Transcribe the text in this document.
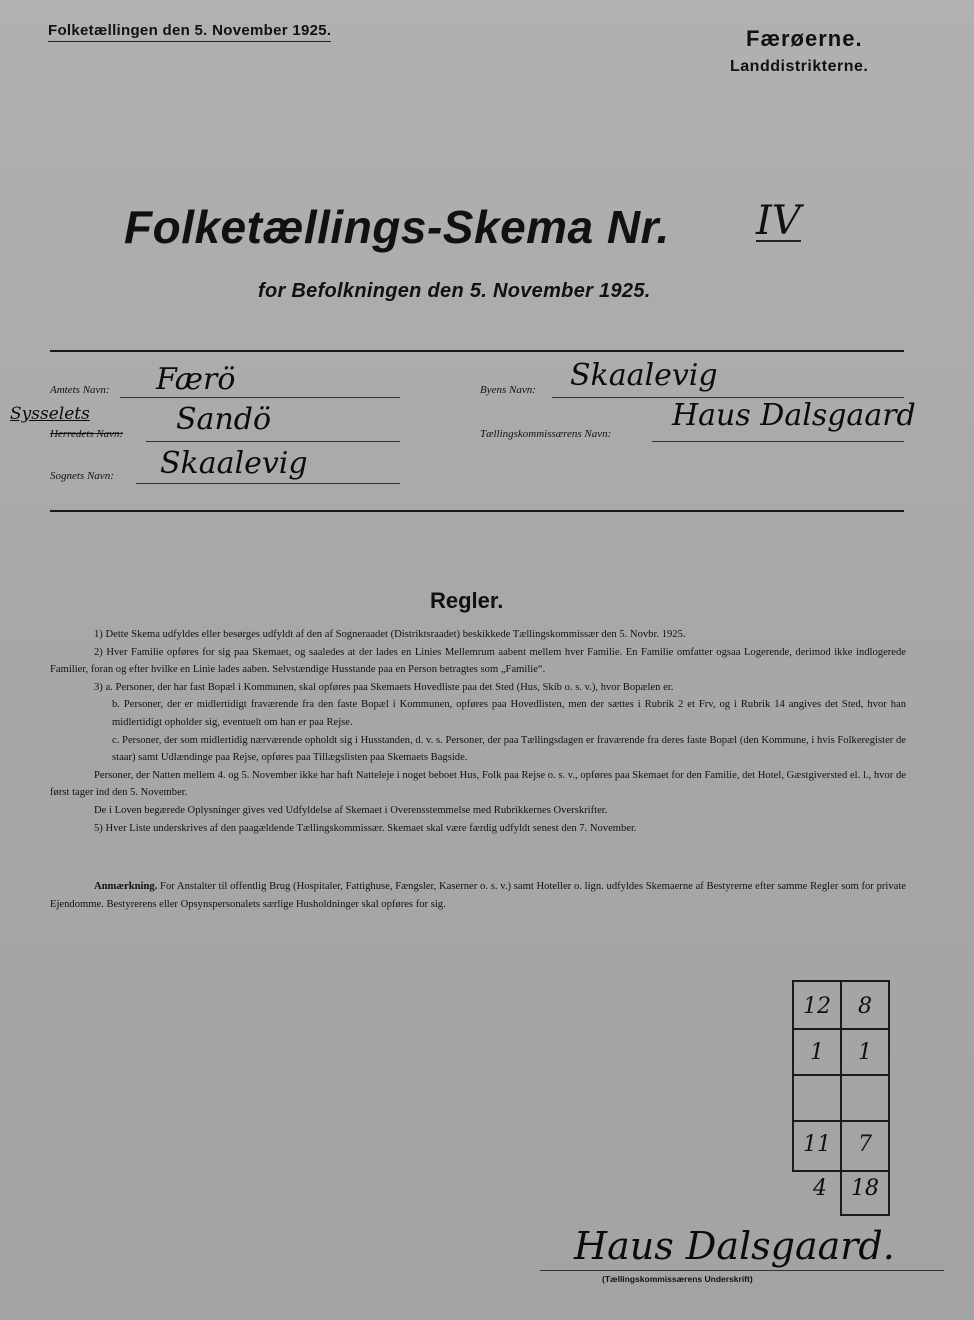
Folketællingen den 5. November 1925.	Færøerne.
Landdistrikterne.
Folketællings-Skema Nr. IV
for Befolkningen den 5. November 1925.
Amtets Navn: Færö
Sysselets
Herredets Navn: Sandö
Sognets Navn: Skaalevig
Byens Navn: Skaalevig
Tællingskommissærens Navn:
Haus Dalsgaard
Regler.

1) Dette Skema udfyldes eller besørges udfyldt af den af Sogneraadet (Distriktsraadet) beskikkede Tællingskommissær den 5. Novbr. 1925.

2) Hver Familie opføres for sig paa Skemaet, og saaledes at der lades en Linies Mellemrum aabent mellem hver Familie. En Familie omfatter ogsaa Logerende, derimod ikke indlogerede Familier, foran og efter hvilke en Linie lades aaben. Selvstændige Husstande paa en Person betragtes som „Familie“.

3) a. Personer, der har fast Bopæl i Kommunen, skal opføres paa Skemaets Hovedliste paa det Sted (Hus, Skib o. s. v.), hvor Bopælen er.

b. Personer, der er midlertidigt fraværende fra den faste Bopæl i Kommunen, opføres paa Hovedlisten, men der sættes i Rubrik 2 et Frv, og i Rubrik 14 angives det Sted, hvor han midlertidigt opholder sig, eventuelt om han er paa Rejse.

c. Personer, der som midlertidig nærværende opholdt sig i Husstanden, d. v. s. Personer, der paa Tællingsdagen er fraværende fra deres faste Bopæl (den Kommune, i hvis Folkeregister de staar) samt Udlændinge paa Rejse, opføres paa Tillægslisten paa Skemaets Bagside.

Personer, der Natten mellem 4. og 5. November ikke har haft Natteleje i noget beboet Hus, Folk paa Rejse o. s. v., opføres paa Skemaet for den Familie, det Hotel, Gæstgiversted el. l., hvor de først tager ind den 5. November.

De i Loven begærede Oplysninger gives ved Udfyldelse af Skemaet i Overensstemmelse med Rubrikkernes Overskrifter.

5) Hver Liste underskrives af den paagældende Tællingskommissær. Skemaet skal være færdig udfyldt senest den 7. November.

Anmærkning. For Anstalter til offentlig Brug (Hospitaler, Fattighuse, Fængsler, Kaserner o. s. v.) samt Hoteller o. lign. udfyldes Skemaerne af Bestyrerne efter samme Regler som for private Ejendomme. Bestyrerens eller Opsynspersonalets særlige Husholdninger skal opføres for sig.

12	8
1	1
11	7
4	18
Haus Dalsgaard.
(Tællingskommissærens Underskrift)
